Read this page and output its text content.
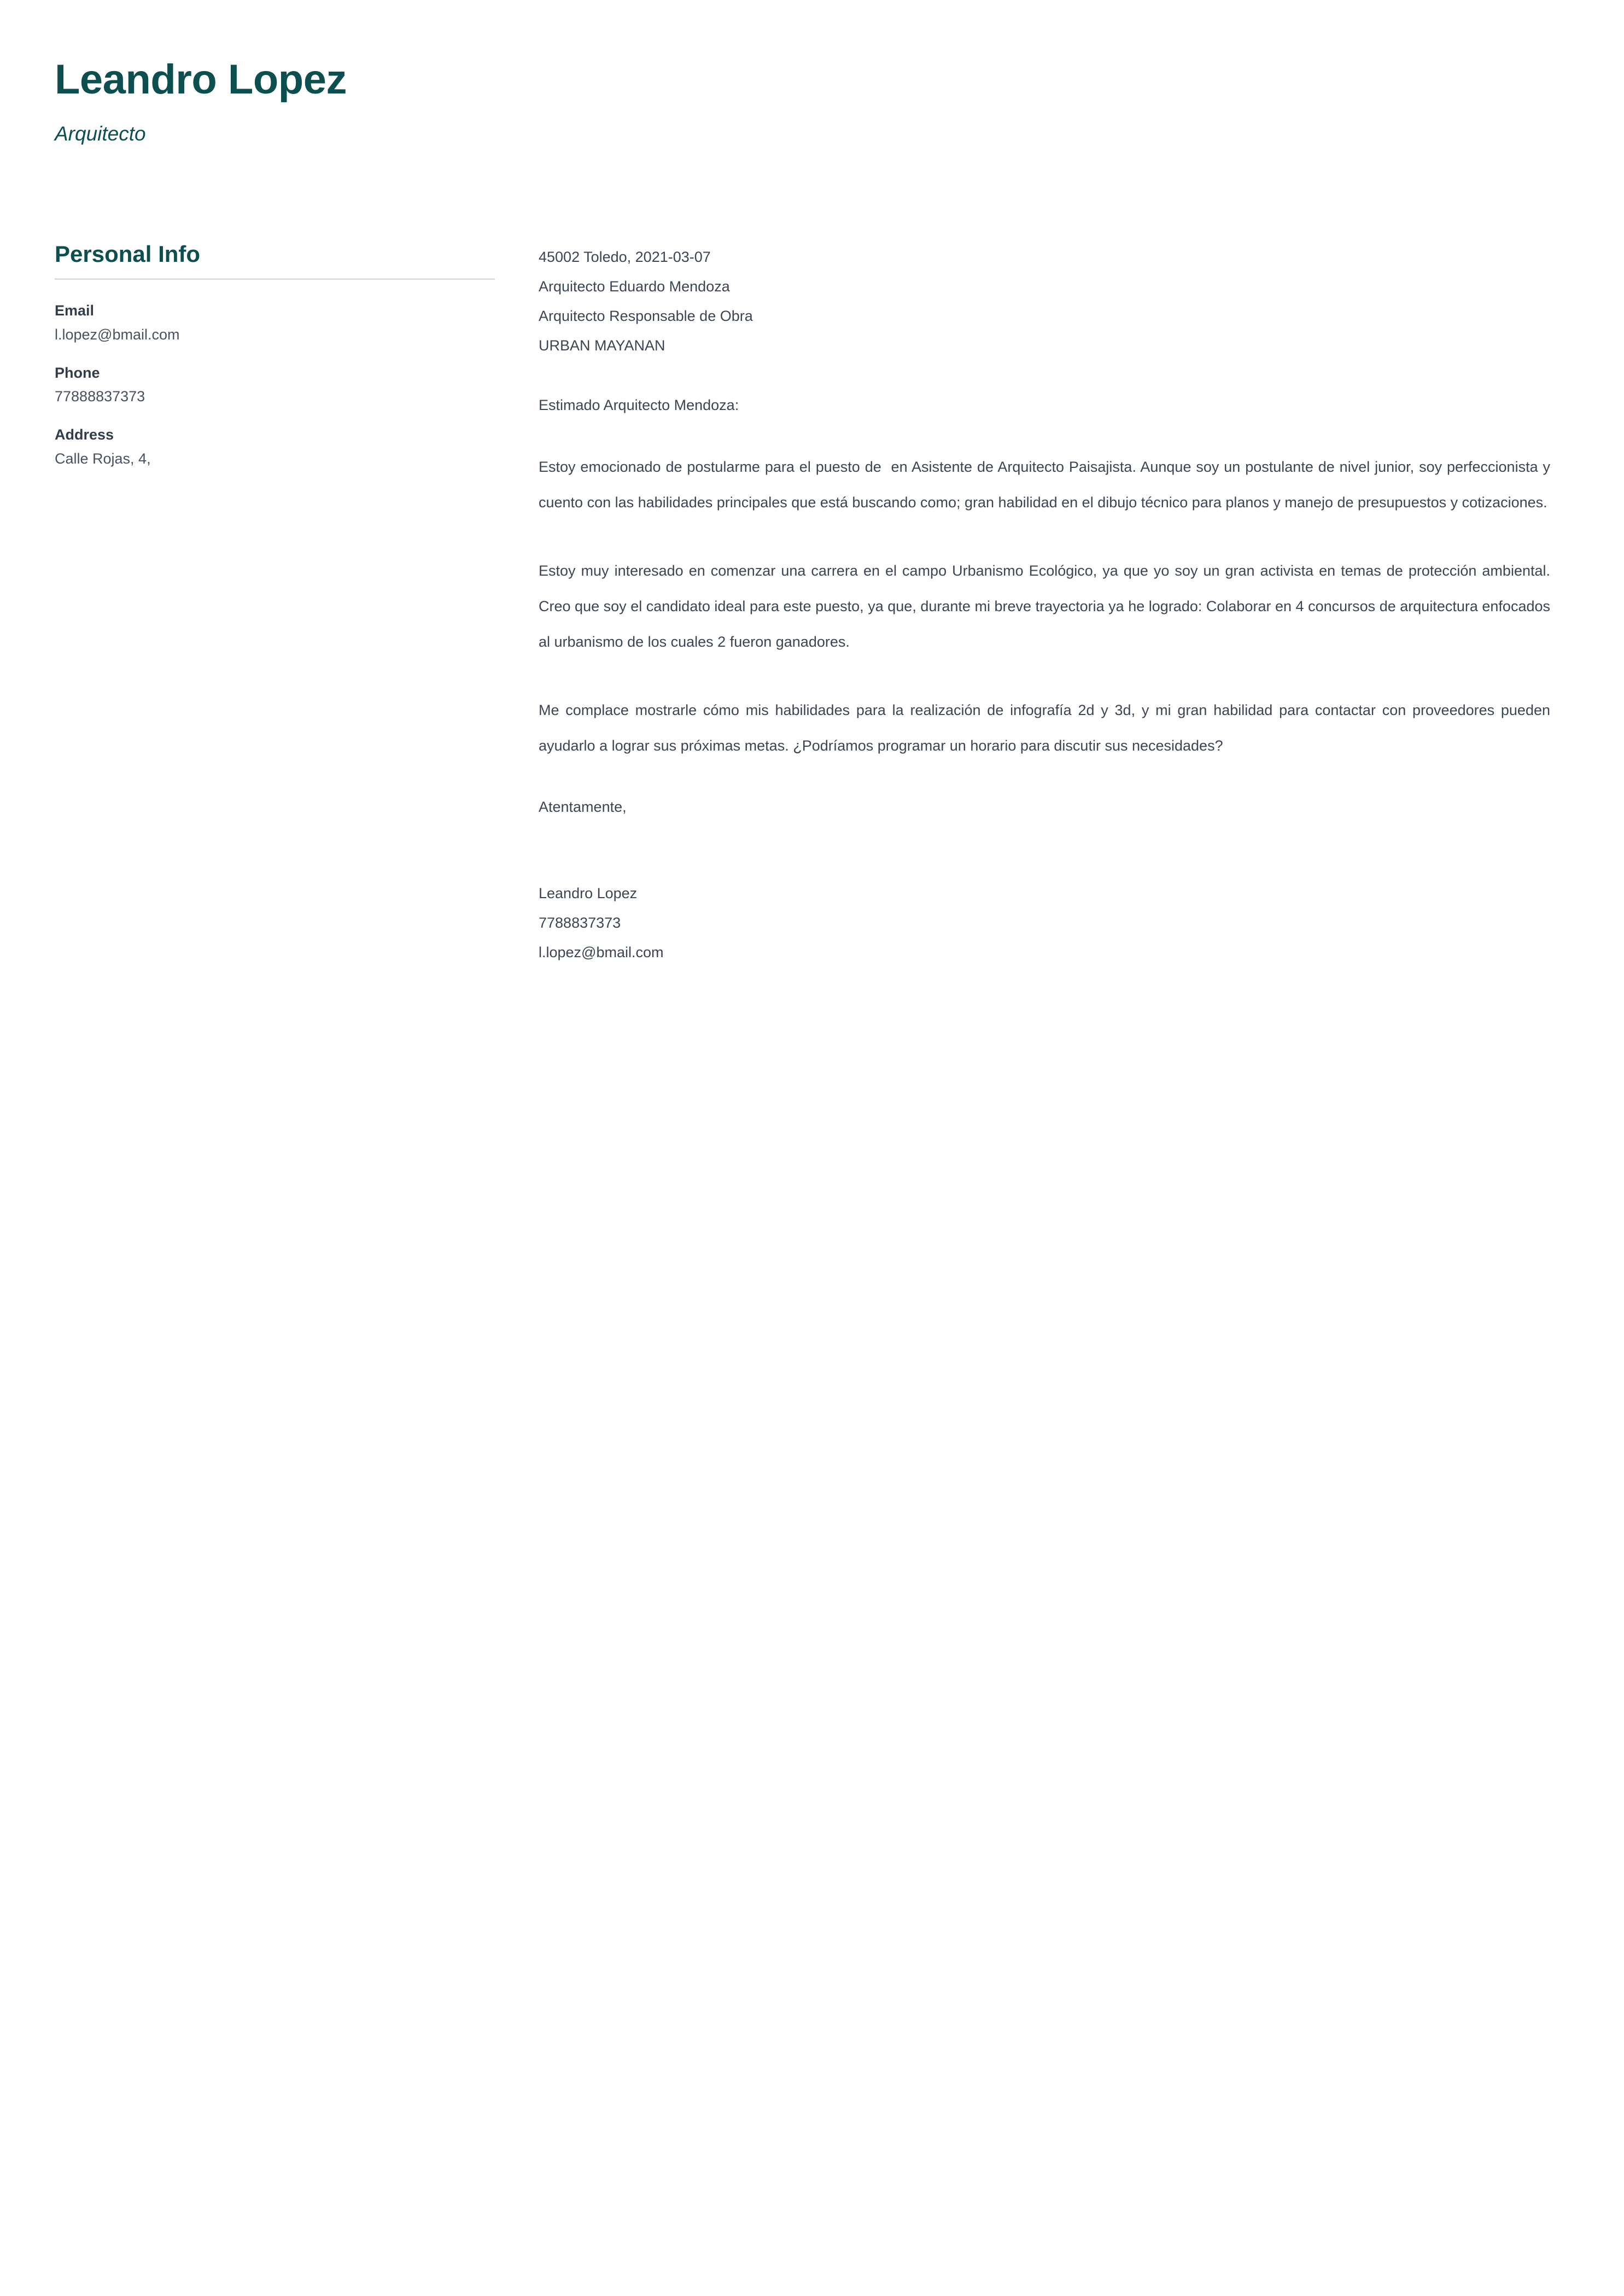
Leandro Lopez
Arquitecto
Personal Info
Email
l.lopez@bmail.com
Phone
77888837373
Address
Calle Rojas, 4,
45002 Toledo, 2021-03-07
Arquitecto Eduardo Mendoza
Arquitecto Responsable de Obra
URBAN MAYANAN
Estimado Arquitecto Mendoza:

Estoy emocionado de postularme para el puesto de  en Asistente de Arquitecto Paisajista. Aunque soy un postulante de nivel junior, soy perfeccionista y cuento con las habilidades principales que está buscando como; gran habilidad en el dibujo técnico para planos y manejo de presupuestos y cotizaciones.

Estoy muy interesado en comenzar una carrera en el campo Urbanismo Ecológico, ya que yo soy un gran activista en temas de protección ambiental. Creo que soy el candidato ideal para este puesto, ya que, durante mi breve trayectoria ya he logrado: Colaborar en 4 concursos de arquitectura enfocados al urbanismo de los cuales 2 fueron ganadores.

Me complace mostrarle cómo mis habilidades para la realización de infografía 2d y 3d, y mi gran habilidad para contactar con proveedores pueden ayudarlo a lograr sus próximas metas. ¿Podríamos programar un horario para discutir sus necesidades?

Atentamente,
Leandro Lopez
7788837373
l.lopez@bmail.com
